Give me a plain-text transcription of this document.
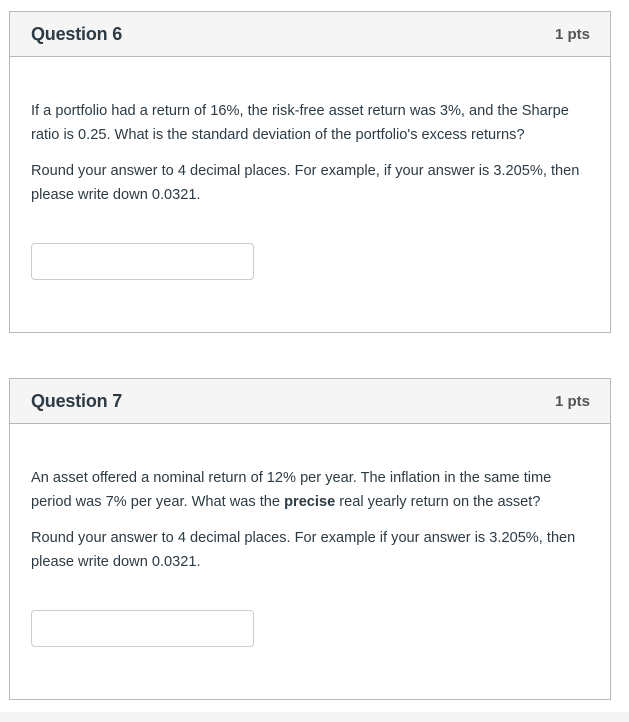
Question 6	1 pts

If a portfolio had a return of 16%, the risk-free asset return was 3%, and the Sharpe ratio is 0.25. What is the standard deviation of the portfolio's excess returns?

Round your answer to 4 decimal places. For example, if your answer is 3.205%, then please write down 0.0321.

Question 7	1 pts

An asset offered a nominal return of 12% per year. The inflation in the same time period was 7% per year. What was the precise real yearly return on the asset?

Round your answer to 4 decimal places. For example if your answer is 3.205%, then please write down 0.0321.
